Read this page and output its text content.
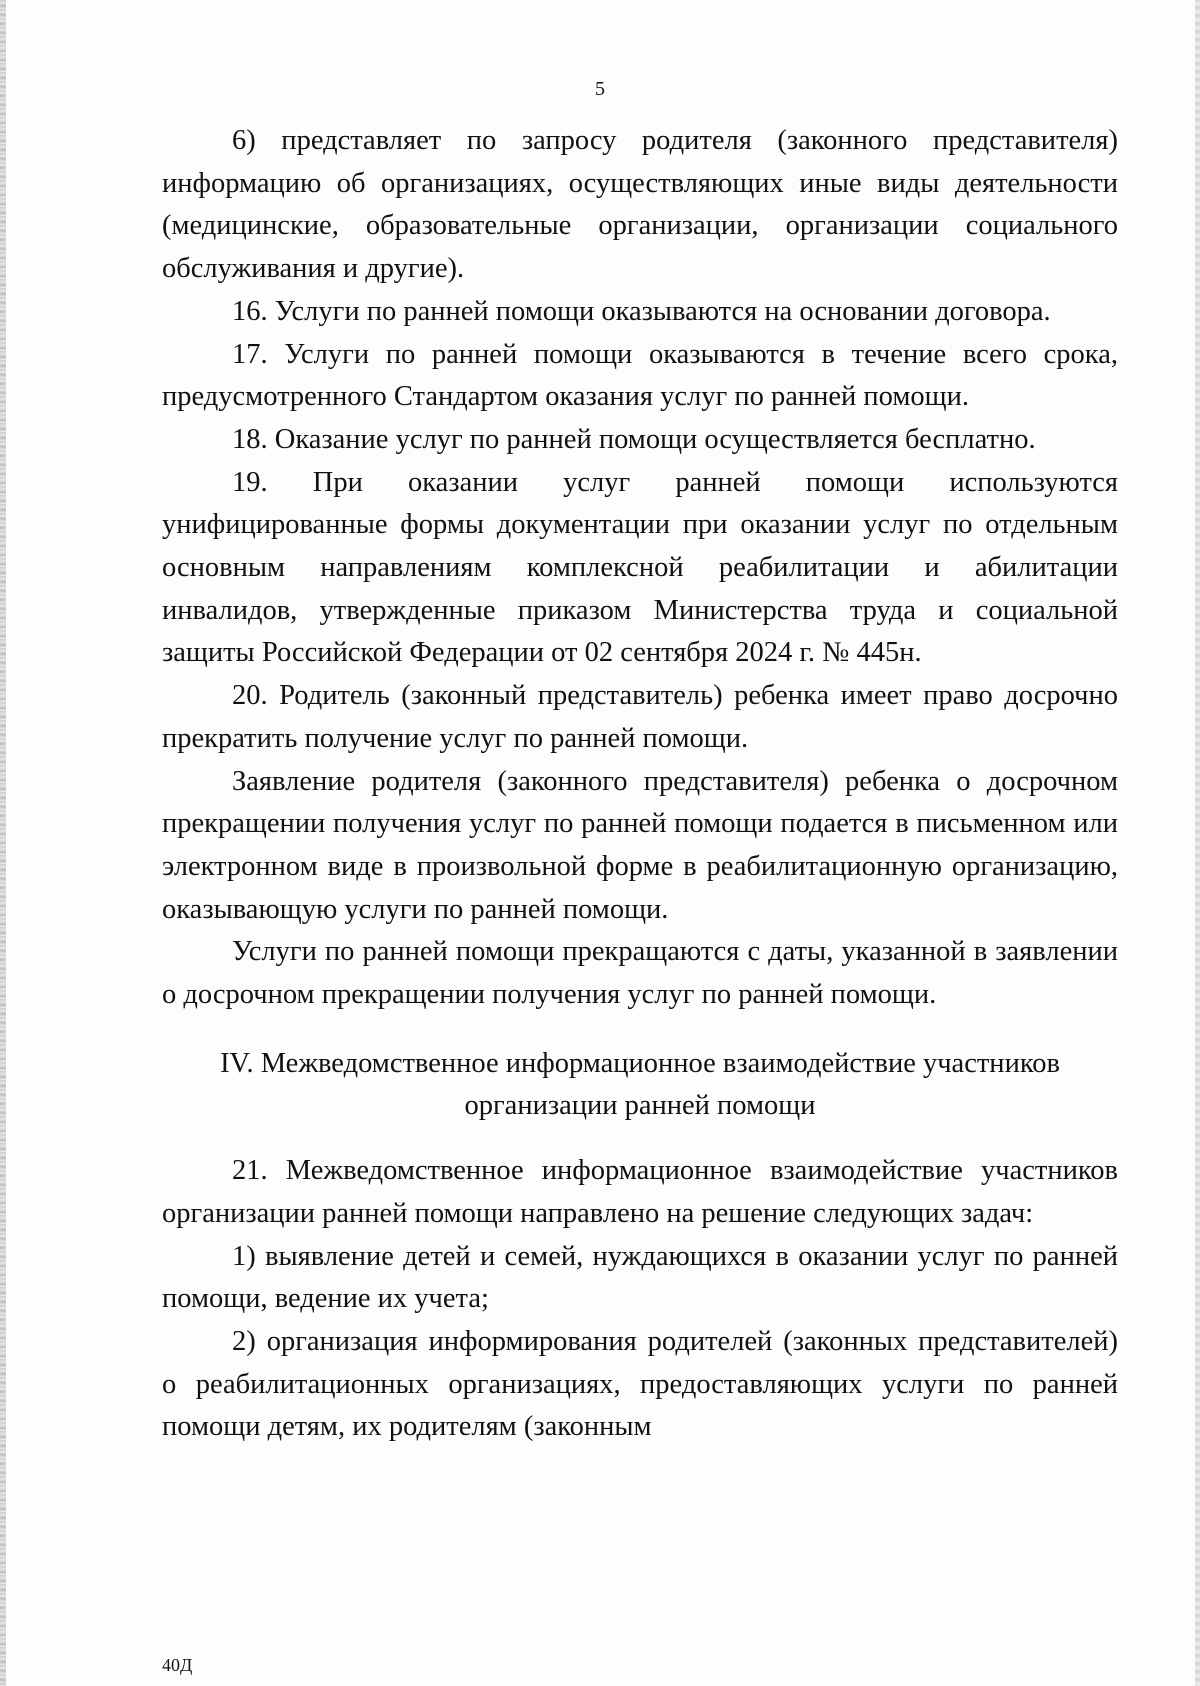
5

6) представляет по запросу родителя (законного представителя) информацию об организациях, осуществляющих иные виды деятельности (медицинские, образовательные организации, организации социального обслуживания и другие).

16. Услуги по ранней помощи оказываются на основании договора.

17. Услуги по ранней помощи оказываются в течение всего срока, предусмотренного Стандартом оказания услуг по ранней помощи.

18. Оказание услуг по ранней помощи осуществляется бесплатно.

19. При оказании услуг ранней помощи используются унифицированные формы документации при оказании услуг по отдельным основным направлениям комплексной реабилитации и абилитации инвалидов, утвержденные приказом Министерства труда и социальной защиты Российской Федерации от 02 сентября 2024 г. № 445н.

20. Родитель (законный представитель) ребенка имеет право досрочно прекратить получение услуг по ранней помощи.

Заявление родителя (законного представителя) ребенка о досрочном прекращении получения услуг по ранней помощи подается в письменном или электронном виде в произвольной форме в реабилитационную организацию, оказывающую услуги по ранней помощи.

Услуги по ранней помощи прекращаются с даты, указанной в заявлении о досрочном прекращении получения услуг по ранней помощи.

IV. Межведомственное информационное взаимодействие участников
организации ранней помощи

21. Межведомственное информационное взаимодействие участников организации ранней помощи направлено на решение следующих задач:

1) выявление детей и семей, нуждающихся в оказании услуг по ранней помощи, ведение их учета;

2) организация информирования родителей (законных представителей) о реабилитационных организациях, предоставляющих услуги по ранней помощи детям, их родителям (законным

40Д
